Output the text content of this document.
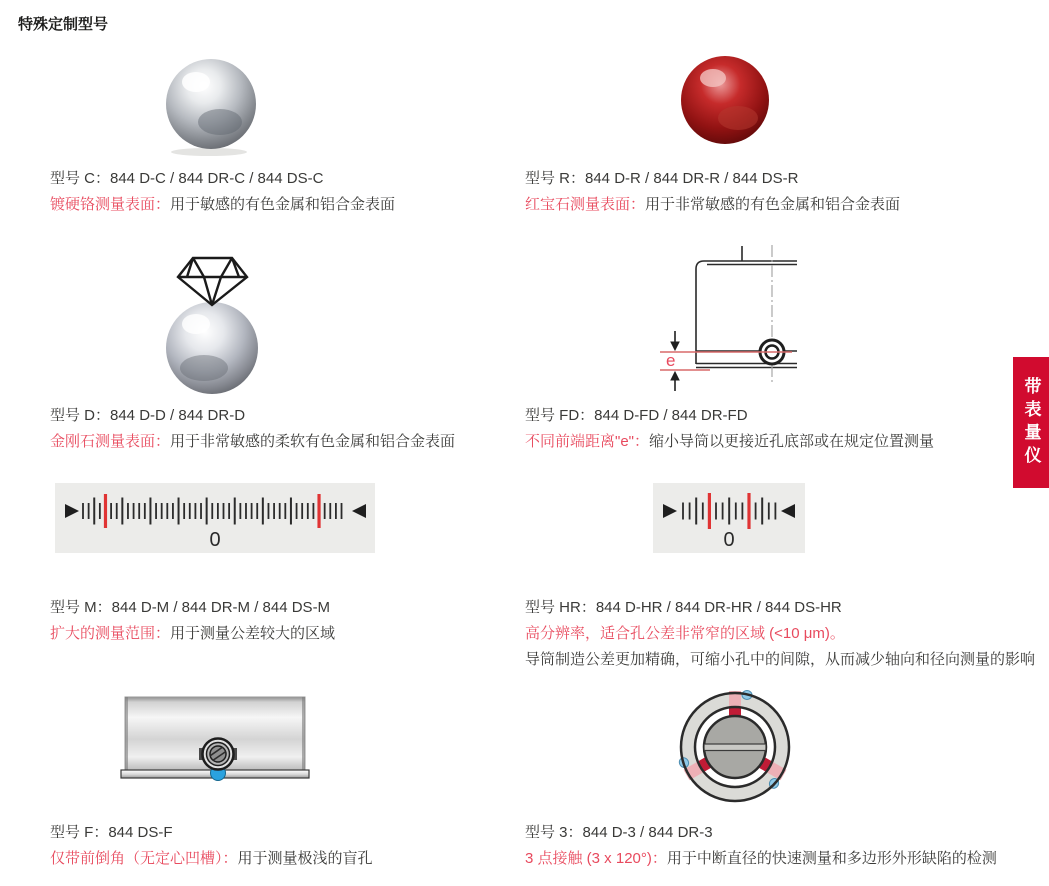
特殊定制型号
e
0	0
型号 C：844 D-C / 844 DR-C / 844 DS-C
镀硬铬测量表面：用于敏感的有色金属和铝合金表面
型号 R：844 D-R / 844 DR-R / 844 DS-R
红宝石测量表面：用于非常敏感的有色金属和铝合金表面
型号 D：844 D-D / 844 DR-D
金刚石测量表面：用于非常敏感的柔软有色金属和铝合金表面
型号 FD：844 D-FD / 844 DR-FD
不同前端距离"e"：缩小导筒以更接近孔底部或在规定位置测量
型号 M：844 D-M / 844 DR-M / 844 DS-M
扩大的测量范围：用于测量公差较大的区域
型号 HR：844 D-HR / 844 DR-HR / 844 DS-HR
高分辨率，适合孔公差非常窄的区域 (<10 μm)。
导筒制造公差更加精确，可缩小孔中的间隙，从而减少轴向和径向测量的影响
型号 F：844 DS-F
仅带前倒角（无定心凹槽）：用于测量极浅的盲孔
型号 3：844 D-3 / 844 DR-3
3 点接触 (3 x 120°)：用于中断直径的快速测量和多边形外形缺陷的检测
带表量仪
